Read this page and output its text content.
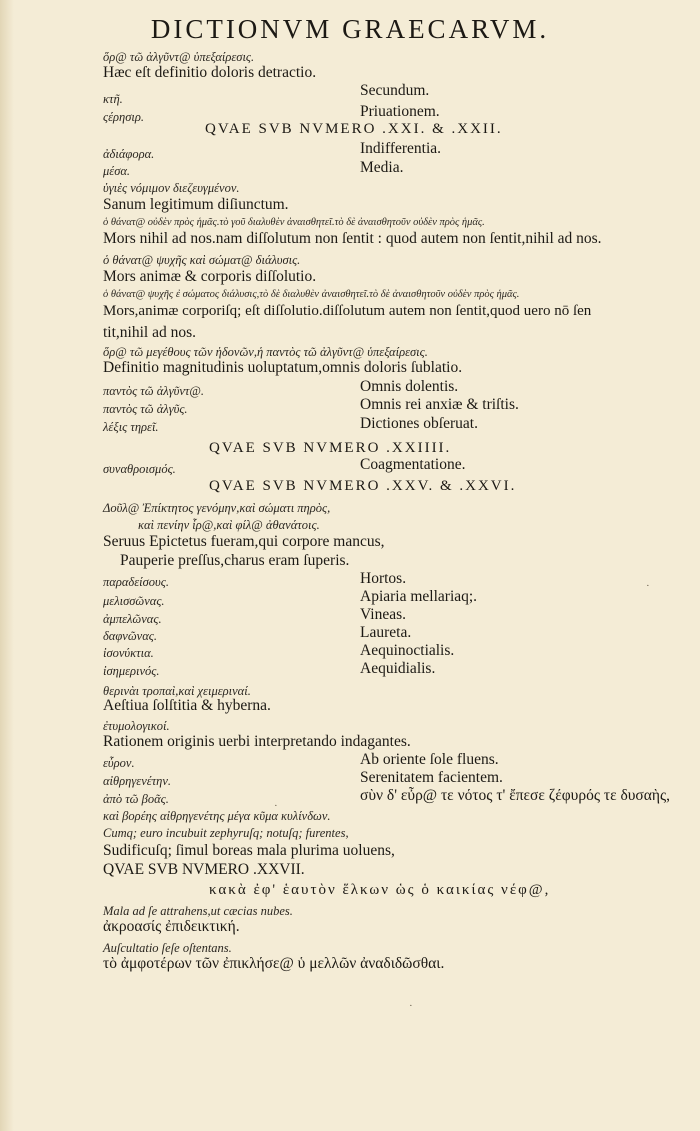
DICTIONVM GRAECARVM.
ὅρ@ τῶ ἀλγῦντ@ ὑπεξαίρεσις.
Hæc eſt definitio doloris detractio.
κτῆ.	Secundum.
ςέρησιρ.	Priuationem.
QVAE SVB NVMERO .XXI. & .XXII.
ἀδιάφορα.	Indifferentia.
μέσα.	Media.
ὑγιὲς νόμιμον διεζευγμένον.
Sanum legitimum diſiunctum.
ὁ θάνατ@ οὐδὲν πρὸς ἡμᾶς.τὸ γοῦ διαλυθὲν ἀναισθητεῖ.τὸ δὲ ἀναισθητοῦν οὐδὲν πρὸς ἡμᾶς.
Mors nihil ad nos.nam diſſolutum non ſentit : quod autem non ſentit,nihil ad nos.
ὁ θάνατ@ ψυχῆς καὶ σώματ@ διάλυσις.
Mors animæ & corporis diſſolutio.
ὁ θάνατ@ ψυχῆς ἐ σώματος διάλυσις,τὸ δὲ διαλυθὲν ἀναισθητεῖ.τὸ δὲ ἀναισθητοῦν οὐδὲν πρὸς ἡμᾶς.
Mors,animæ corporiſq; eſt diſſolutio.diſſolutum autem non ſentit,quod uero nō ſen
tit,nihil ad nos.
ὅρ@ τῶ μεγέθους τῶν ἡδονῶν,ἡ παντὸς τῶ ἀλγῦντ@ ὑπεξαίρεσις.
Definitio magnitudinis uoluptatum,omnis doloris ſublatio.
παντὸς τῶ ἀλγῦντ@.	Omnis dolentis.
παντὸς τῶ ἀλγῦς.	Omnis rei anxiæ & triſtis.
λέξις τηρεῖ.	Dictiones obſeruat.
QVAE SVB NVMERO .XXIIII.
συναθροισμός.	Coagmentatione.
QVAE SVB NVMERO .XXV. & .XXVI.
Δοῦλ@ Ἐπίκτητος γενόμην,καὶ σώματι πηρὸς,
καὶ πενίην ἶρ@,καὶ φίλ@ ἀθανάτοις.
Seruus Epictetus fueram,qui corpore mancus,
Pauperie preſſus,charus eram ſuperis.
παραδείσους.	Hortos.
μελισσῶνας.	Apiaria mellariaq;.
ἀμπελῶνας.	Vineas.
δαφνῶνας.	Laureta.
ἰσονύκτια.	Aequinoctialis.
ἰσημερινός.	Aequidialis.
θερινὰι τροπαὶ,καὶ χειμεριναί.
Aeſtiua ſolſtitia & hyberna.
ἐτυμολογικοί.
Rationem originis uerbi interpretando indagantes.
εὖρον.	Ab oriente ſole fluens.
αἰθρηγενέτην.	Serenitatem facientem.
ἀπὸ τῶ βοᾶς.	σὺν δ' εὖρ@ τε νότος τ' ἔπεσε ζέφυρός τε δυσαὴς,
καὶ βορέης αἰθρηγενέτης μέγα κῦμα κυλίνδων.
Cumq; euro incubuit zephyruſq; notuſq; furentes,
Sudificuſq; ſimul boreas mala plurima uoluens,
QVAE SVB NVMERO .XXVII.
κακὰ ἐφ' ἑαυτὸν ἕλκων ὡς ὁ καικίας νέφ@,
Mala ad ſe attrahens,ut cæcias nubes.
ἀκροασίς ἐπιδεικτική.
Auſcultatio ſeſe oſtentans.
τὸ ἀμφοτέρων τῶν ἐπικλήσε@ ὑ μελλῶν ἀναδιδῶσθαι.
·
·
·
